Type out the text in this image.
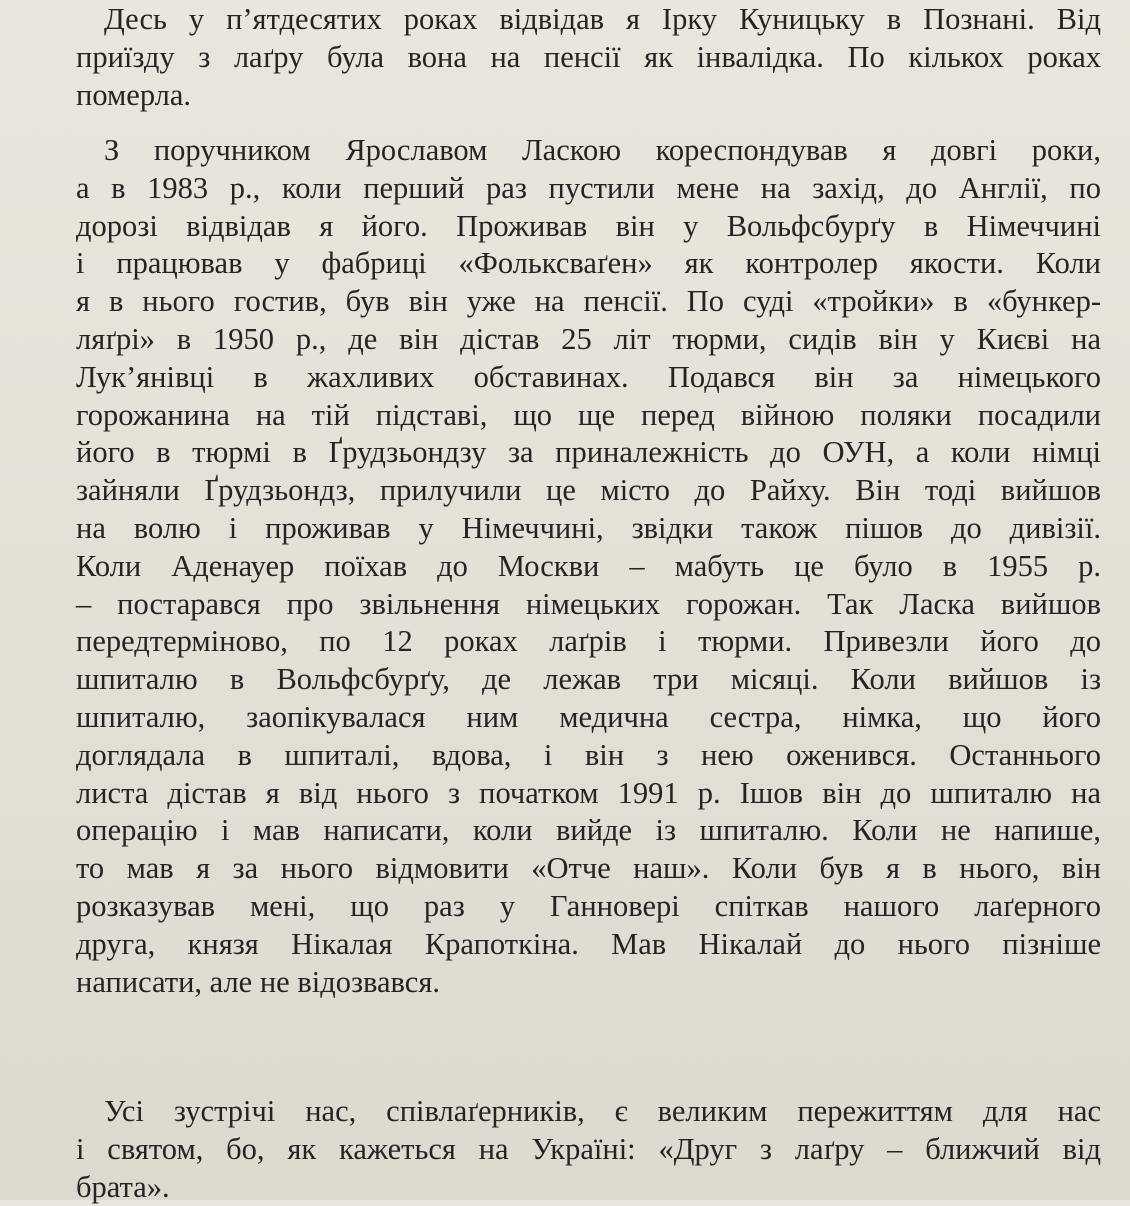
Десь у п’ятдесятих роках відвідав я Ірку Куницьку в Познані. Від
приїзду з лаґру була вона на пенсії як інвалідка. По кількох роках
померла.
З поручником Ярославом Ласкою кореспондував я довгі роки,
а в 1983 р., коли перший раз пустили мене на захід, до Англії, по
дорозі відвідав я його. Проживав він у Вольфсбурґу в Німеччині
і працював у фабриці «Фольксваґен» як контролер якости. Коли
я в нього гостив, був він уже на пенсії. По суді «тройки» в «бункер-
ляґрі» в 1950 р., де він дістав 25 літ тюрми, сидів він у Києві на
Лук’янівці в жахливих обставинах. Подався він за німецького
горожанина на тій підставі, що ще перед війною поляки посадили
його в тюрмі в Ґрудзьондзу за приналежність до ОУН, а коли німці
зайняли Ґрудзьондз, прилучили це місто до Райху. Він тоді вийшов
на волю і проживав у Німеччині, звідки також пішов до дивізії.
Коли Аденауер поїхав до Москви – мабуть це було в 1955 р.
– постарався про звільнення німецьких горожан. Так Ласка вийшов
передтерміново, по 12 роках лаґрів і тюрми. Привезли його до
шпиталю в Вольфсбурґу, де лежав три місяці. Коли вийшов із
шпиталю, заопікувалася ним медична сестра, німка, що його
доглядала в шпиталі, вдова, і він з нею оженився. Останнього
листа дістав я від нього з початком 1991 р. Ішов він до шпиталю на
операцію і мав написати, коли вийде із шпиталю. Коли не напише,
то мав я за нього відмовити «Отче наш». Коли був я в нього, він
розказував мені, що раз у Ганновері спіткав нашого лаґерного
друга, князя Нікалая Крапоткіна. Мав Нікалай до нього пізніше
написати, але не відозвався.
Усі зустрічі нас, співлаґерників, є великим пережиттям для нас
і святом, бо, як кажеться на Україні: «Друг з лаґру – ближчий від
брата».
